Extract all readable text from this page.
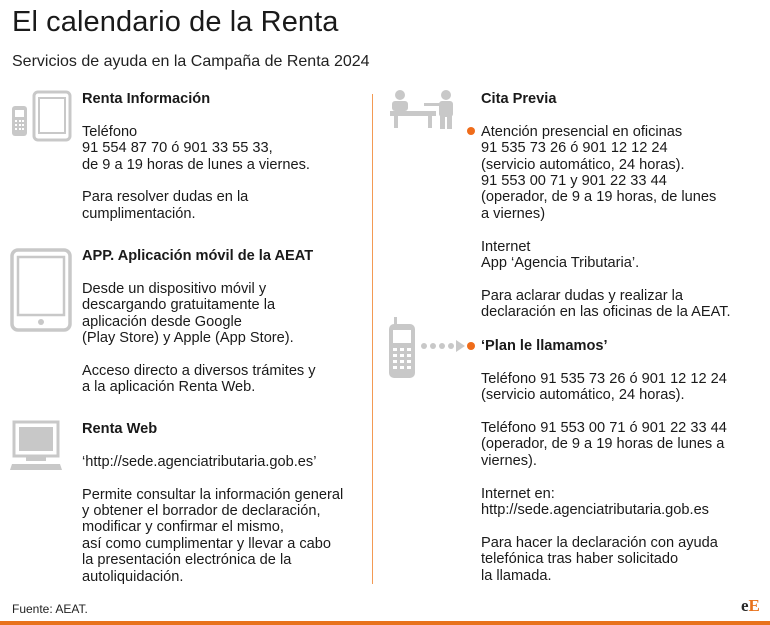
El calendario de la Renta
Servicios de ayuda en la Campaña de Renta 2024
Renta Información
Teléfono
91 554 87 70 ó 901 33 55 33,
de 9 a 19 horas de lunes a viernes.
Para resolver dudas en la
cumplimentación.
APP. Aplicación móvil de la AEAT
Desde un dispositivo móvil y
descargando gratuitamente la
aplicación desde Google
(Play Store) y Apple (App Store).
Acceso directo a diversos trámites y
a la aplicación Renta Web.
Renta Web
‘http://sede.agenciatributaria.gob.es’
Permite consultar la información general
y obtener el borrador de declaración,
modificar y confirmar el mismo,
así como cumplimentar y llevar a cabo
la presentación electrónica de la
autoliquidación.
Cita Previa
Atención presencial en oficinas
91 535 73 26 ó 901 12 12 24
(servicio automático, 24 horas).
91 553 00 71 y 901 22 33 44
(operador, de 9 a 19 horas, de lunes
a viernes)
Internet
App ‘Agencia Tributaria’.
Para aclarar dudas y realizar la
declaración en las oficinas de la AEAT.
‘Plan le llamamos’
Teléfono 91 535 73 26 ó 901 12 12 24
(servicio automático, 24 horas).
Teléfono 91 553 00 71 ó 901 22 33 44
(operador, de 9 a 19 horas de lunes a
viernes).
Internet en:
http://sede.agenciatributaria.gob.es
Para hacer la declaración con ayuda
telefónica tras haber solicitado
la llamada.
Fuente: AEAT.	eE
